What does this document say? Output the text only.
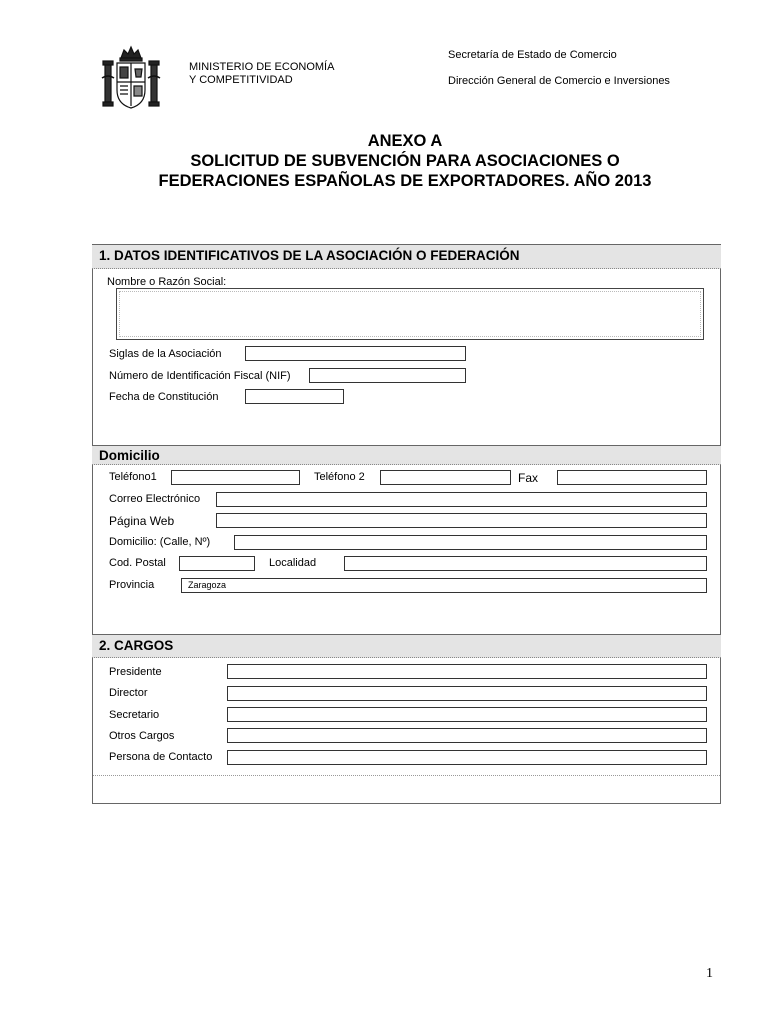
MINISTERIO DE ECONOMÍA
Y COMPETITIVIDAD
Secretaría de Estado de Comercio
Dirección General de Comercio e Inversiones
ANEXO A
SOLICITUD DE SUBVENCIÓN PARA ASOCIACIONES O
FEDERACIONES ESPAÑOLAS DE EXPORTADORES. AÑO 2013
1. DATOS IDENTIFICATIVOS DE LA ASOCIACIÓN O FEDERACIÓN
Nombre o Razón Social:
Siglas de la Asociación
Número de Identificación Fiscal (NIF)
Fecha de Constitución
Domicilio
Teléfono1	Teléfono 2	Fax
Correo Electrónico
Página Web
Domicilio: (Calle, Nº)
Cod. Postal	Localidad
Provincia	Zaragoza
2. CARGOS
Presidente
Director
Secretario
Otros Cargos
Persona de Contacto
1
